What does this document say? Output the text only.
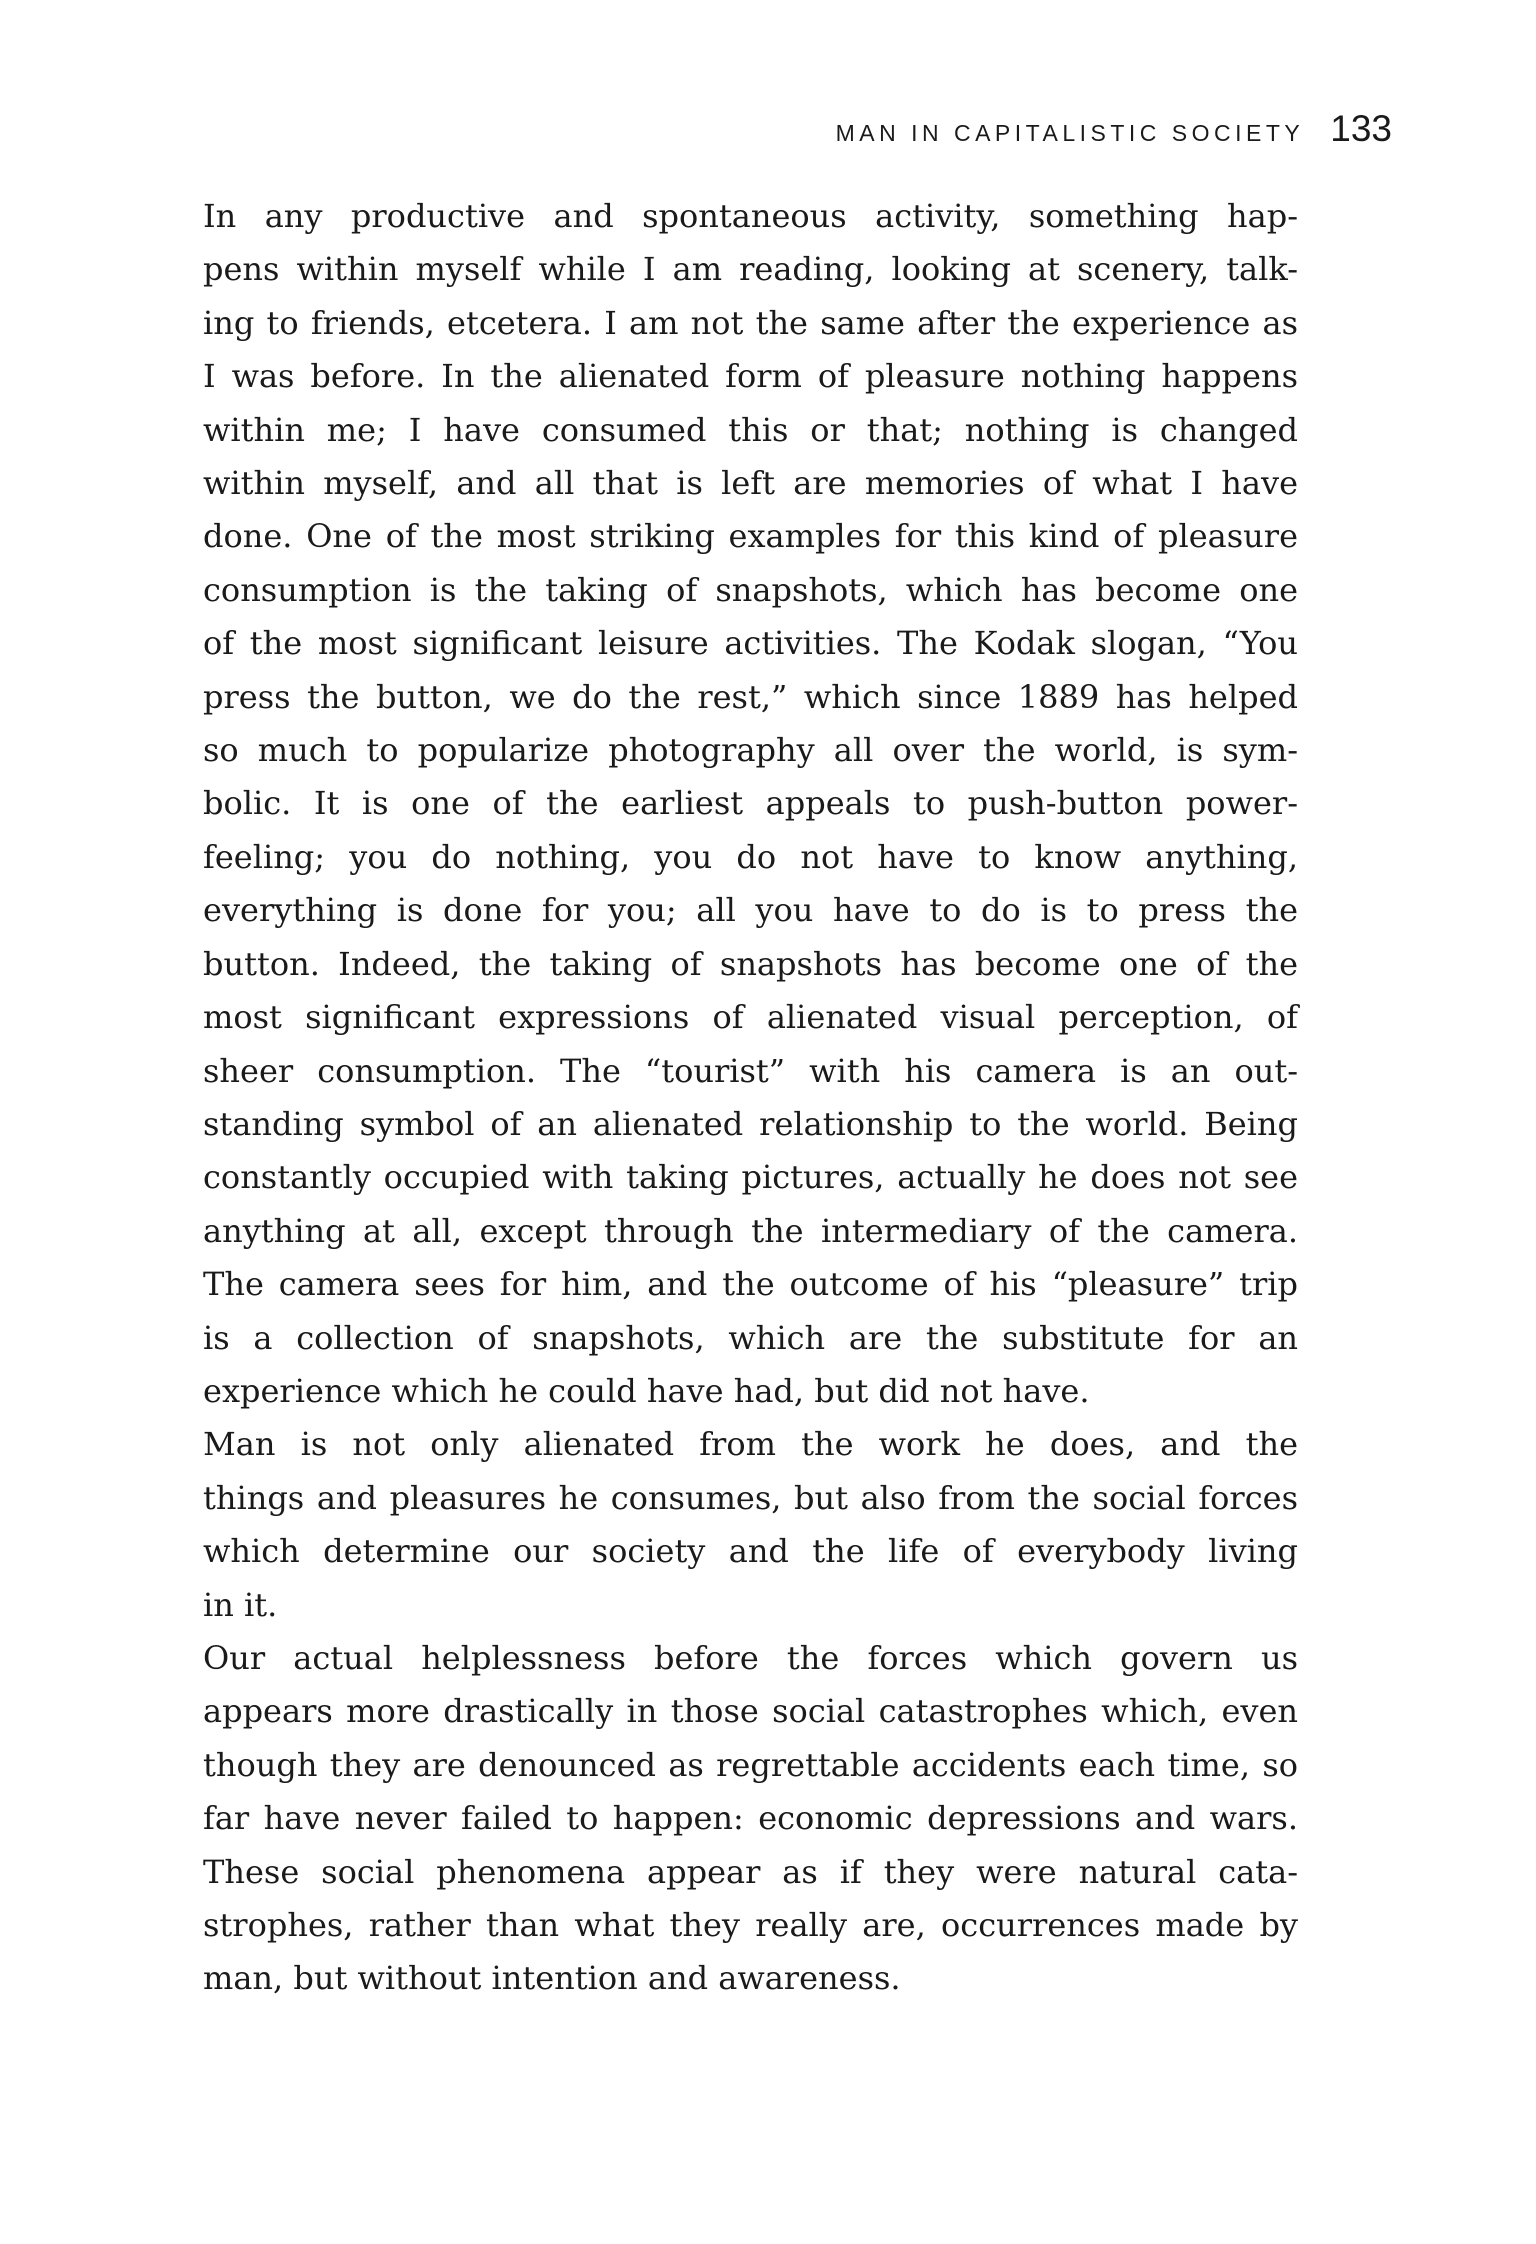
MAN IN CAPITALISTIC SOCIETY 133

In any productive and spontaneous activity, something hap-
pens within myself while I am reading, looking at scenery, talk-
ing to friends, etcetera. I am not the same after the experience as
I was before. In the alienated form of pleasure nothing happens
within me; I have consumed this or that; nothing is changed
within myself, and all that is left are memories of what I have
done. One of the most striking examples for this kind of pleasure
consumption is the taking of snapshots, which has become one
of the most significant leisure activities. The Kodak slogan, “You
press the button, we do the rest,” which since 1889 has helped
so much to popularize photography all over the world, is sym-
bolic. It is one of the earliest appeals to push-button power-
feeling; you do nothing, you do not have to know anything,
everything is done for you; all you have to do is to press the
button. Indeed, the taking of snapshots has become one of the
most significant expressions of alienated visual perception, of
sheer consumption. The “tourist” with his camera is an out-
standing symbol of an alienated relationship to the world. Being
constantly occupied with taking pictures, actually he does not see
anything at all, except through the intermediary of the camera.
The camera sees for him, and the outcome of his “pleasure” trip
is a collection of snapshots, which are the substitute for an
experience which he could have had, but did not have.

Man is not only alienated from the work he does, and the
things and pleasures he consumes, but also from the social forces
which determine our society and the life of everybody living
in it.

Our actual helplessness before the forces which govern us
appears more drastically in those social catastrophes which, even
though they are denounced as regrettable accidents each time, so
far have never failed to happen: economic depressions and wars.
These social phenomena appear as if they were natural cata-
strophes, rather than what they really are, occurrences made by
man, but without intention and awareness.
